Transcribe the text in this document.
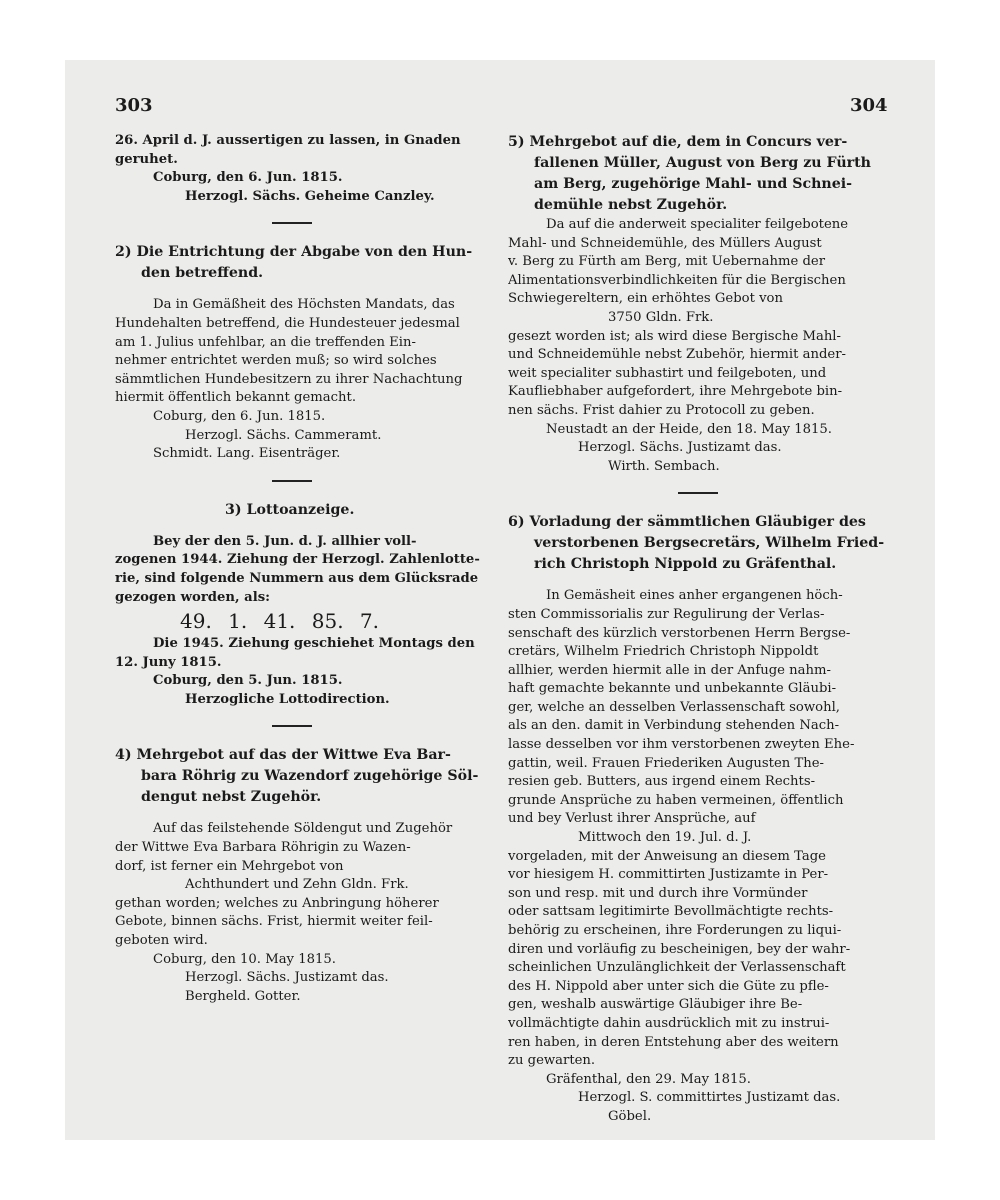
303	304
26. April d. J. aussertigen zu lassen, in Gnaden
geruhet.
Coburg, den 6. Jun. 1815.
Herzogl. Sächs. Geheime Canzley.
2) Die Entrichtung der Abgabe von den Hun-
den betreffend.
Da in Gemäßheit des Höchsten Mandats, das
Hundehalten betreffend, die Hundesteuer jedesmal
am 1. Julius unfehlbar, an die treffenden Ein-
nehmer entrichtet werden muß; so wird solches
sämmtlichen Hundebesitzern zu ihrer Nachachtung
hiermit öffentlich bekannt gemacht.
Coburg, den 6. Jun. 1815.
Herzogl. Sächs. Cammeramt.
Schmidt. Lang. Eisenträger.
3) Lottoanzeige.
Bey der den 5. Jun. d. J. allhier voll-
zogenen 1944. Ziehung der Herzogl. Zahlenlotte-
rie, sind folgende Nummern aus dem Glücksrade
gezogen worden, als:
49. 1. 41. 85. 7.
Die 1945. Ziehung geschiehet Montags den
12. Juny 1815.
Coburg, den 5. Jun. 1815.
Herzogliche Lottodirection.
4) Mehrgebot auf das der Wittwe Eva Bar-
bara Röhrig zu Wazendorf zugehörige Söl-
dengut nebst Zugehör.
Auf das feilstehende Söldengut und Zugehör
der Wittwe Eva Barbara Röhrigin zu Wazen-
dorf, ist ferner ein Mehrgebot von
Achthundert und Zehn Gldn. Frk.
gethan worden; welches zu Anbringung höherer
Gebote, binnen sächs. Frist, hiermit weiter feil-
geboten wird.
Coburg, den 10. May 1815.
Herzogl. Sächs. Justizamt das.
Bergheld. Gotter.
5) Mehrgebot auf die, dem in Concurs ver-
fallenen Müller, August von Berg zu Fürth
am Berg, zugehörige Mahl- und Schnei-
demühle nebst Zugehör.
Da auf die anderweit specialiter feilgebotene
Mahl- und Schneidemühle, des Müllers August
v. Berg zu Fürth am Berg, mit Uebernahme der
Alimentationsverbindlichkeiten für die Bergischen
Schwiegereltern, ein erhöhtes Gebot von
3750 Gldn. Frk.
gesezt worden ist; als wird diese Bergische Mahl-
und Schneidemühle nebst Zubehör, hiermit ander-
weit specialiter subhastirt und feilgeboten, und
Kaufliebhaber aufgefordert, ihre Mehrgebote bin-
nen sächs. Frist dahier zu Protocoll zu geben.
Neustadt an der Heide, den 18. May 1815.
Herzogl. Sächs. Justizamt das.
Wirth. Sembach.
6) Vorladung der sämmtlichen Gläubiger des
verstorbenen Bergsecretärs, Wilhelm Fried-
rich Christoph Nippold zu Gräfenthal.
In Gemäsheit eines anher ergangenen höch-
sten Commissorialis zur Regulirung der Verlas-
senschaft des kürzlich verstorbenen Herrn Bergse-
cretärs, Wilhelm Friedrich Christoph Nippoldt
allhier, werden hiermit alle in der Anfuge nahm-
haft gemachte bekannte und unbekannte Gläubi-
ger, welche an desselben Verlassenschaft sowohl,
als an den. damit in Verbindung stehenden Nach-
lasse desselben vor ihm verstorbenen zweyten Ehe-
gattin, weil. Frauen Friederiken Augusten The-
resien geb. Butters, aus irgend einem Rechts-
grunde Ansprüche zu haben vermeinen, öffentlich
und bey Verlust ihrer Ansprüche, auf
Mittwoch den 19. Jul. d. J.
vorgeladen, mit der Anweisung an diesem Tage
vor hiesigem H. committirten Justizamte in Per-
son und resp. mit und durch ihre Vormünder
oder sattsam legitimirte Bevollmächtigte rechts-
behörig zu erscheinen, ihre Forderungen zu liqui-
diren und vorläufig zu bescheinigen, bey der wahr-
scheinlichen Unzulänglichkeit der Verlassenschaft
des H. Nippold aber unter sich die Güte zu pfle-
gen, weshalb auswärtige Gläubiger ihre Be-
vollmächtigte dahin ausdrücklich mit zu instrui-
ren haben, in deren Entstehung aber des weitern
zu gewarten.
Gräfenthal, den 29. May 1815.
Herzogl. S. committirtes Justizamt das.
Göbel.
